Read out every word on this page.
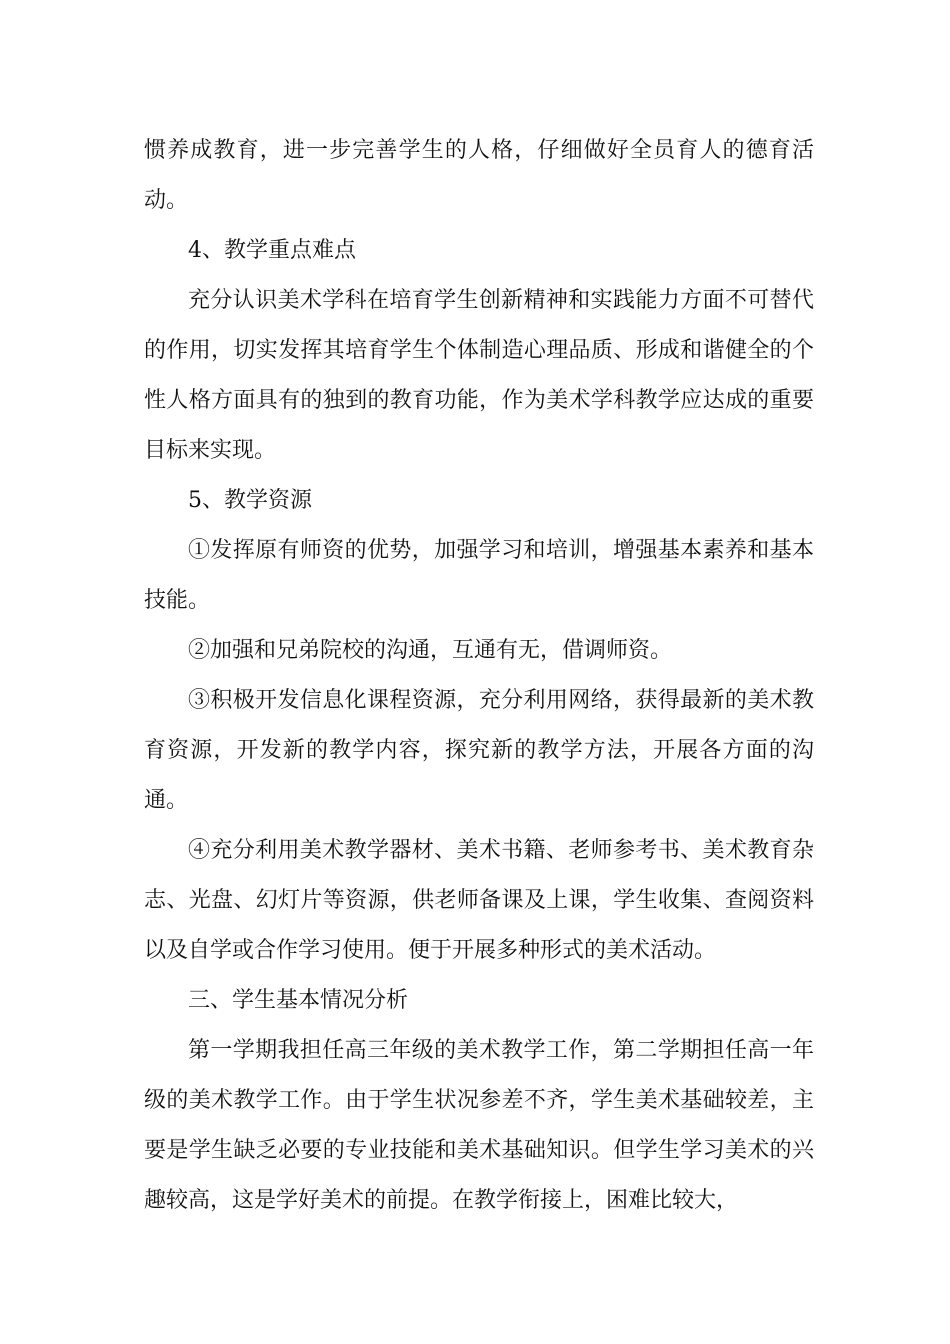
惯养成教育，进一步完善学生的人格，仔细做好全员育人的德育活动。

4、教学重点难点

充分认识美术学科在培育学生创新精神和实践能力方面不可替代的作用，切实发挥其培育学生个体制造心理品质、形成和谐健全的个性人格方面具有的独到的教育功能，作为美术学科教学应达成的重要目标来实现。

5、教学资源

①发挥原有师资的优势，加强学习和培训，增强基本素养和基本技能。

②加强和兄弟院校的沟通，互通有无，借调师资。

③积极开发信息化课程资源，充分利用网络，获得最新的美术教育资源，开发新的教学内容，探究新的教学方法，开展各方面的沟通。

④充分利用美术教学器材、美术书籍、老师参考书、美术教育杂志、光盘、幻灯片等资源，供老师备课及上课，学生收集、查阅资料以及自学或合作学习使用。便于开展多种形式的美术活动。

三、学生基本情况分析

第一学期我担任高三年级的美术教学工作，第二学期担任高一年级的美术教学工作。由于学生状况参差不齐，学生美术基础较差，主要是学生缺乏必要的专业技能和美术基础知识。但学生学习美术的兴趣较高，这是学好美术的前提。在教学衔接上，困难比较大，
